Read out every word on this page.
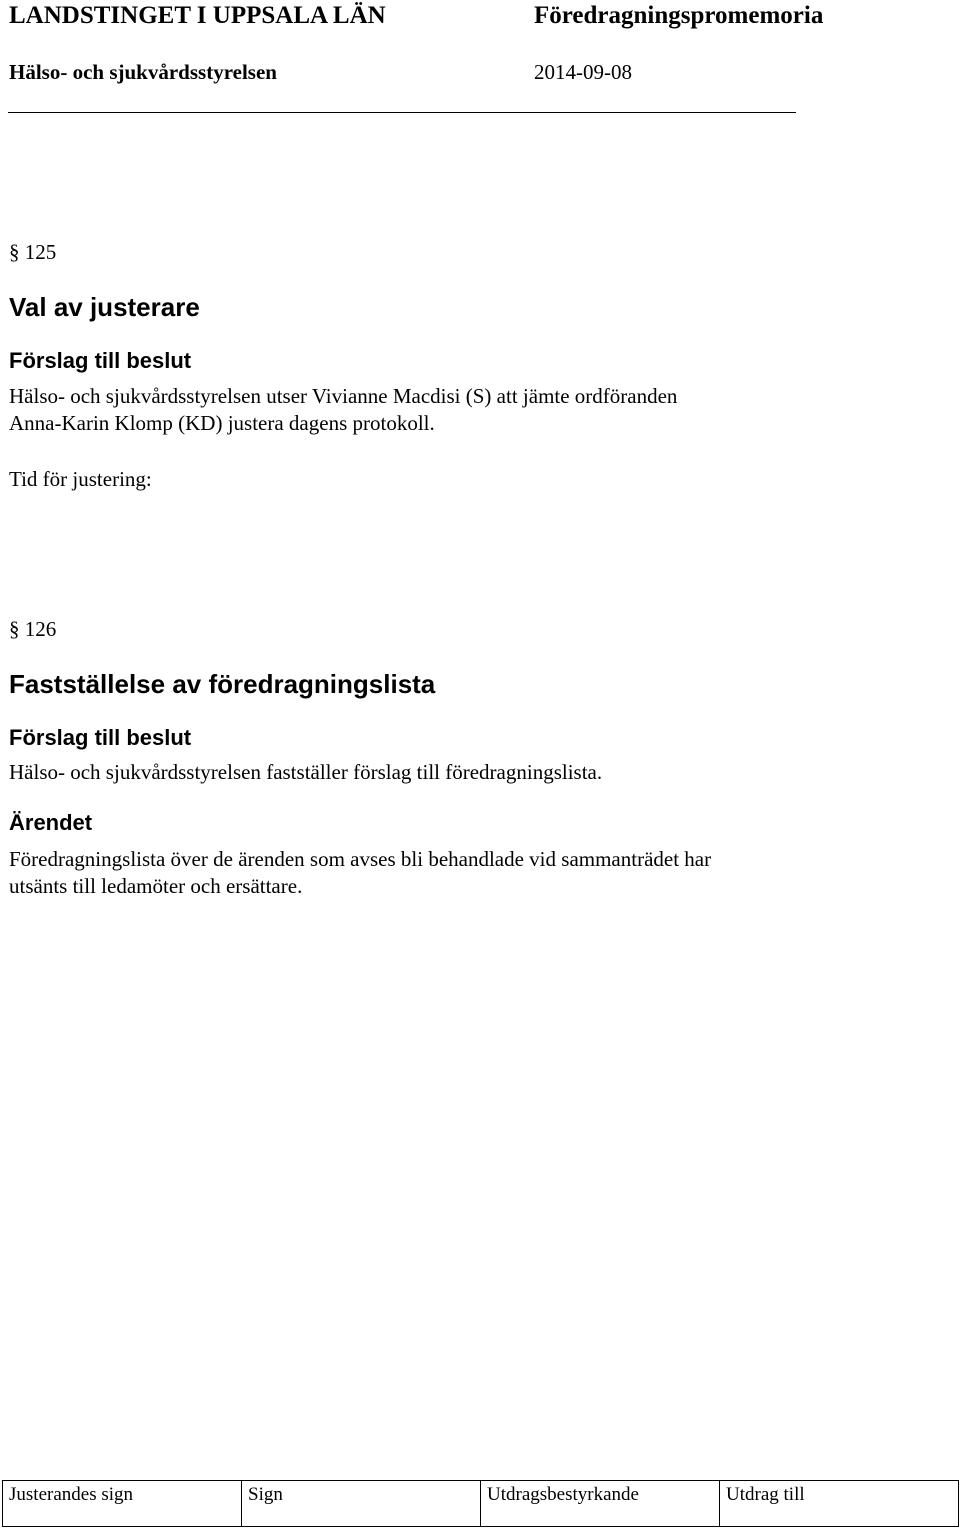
LANDSTINGET I UPPSALA LÄN	Föredragningspromemoria
Hälso- och sjukvårdsstyrelsen	2014-09-08
§ 125
Val av justerare
Förslag till beslut
Hälso- och sjukvårdsstyrelsen utser Vivianne Macdisi (S) att jämte ordföranden
Anna-Karin Klomp (KD) justera dagens protokoll.
Tid för justering:
§ 126
Fastställelse av föredragningslista
Förslag till beslut
Hälso- och sjukvårdsstyrelsen fastställer förslag till föredragningslista.
Ärendet
Föredragningslista över de ärenden som avses bli behandlade vid sammanträdet har
utsänts till ledamöter och ersättare.
Justerandes sign	Sign	Utdragsbestyrkande	Utdrag till
